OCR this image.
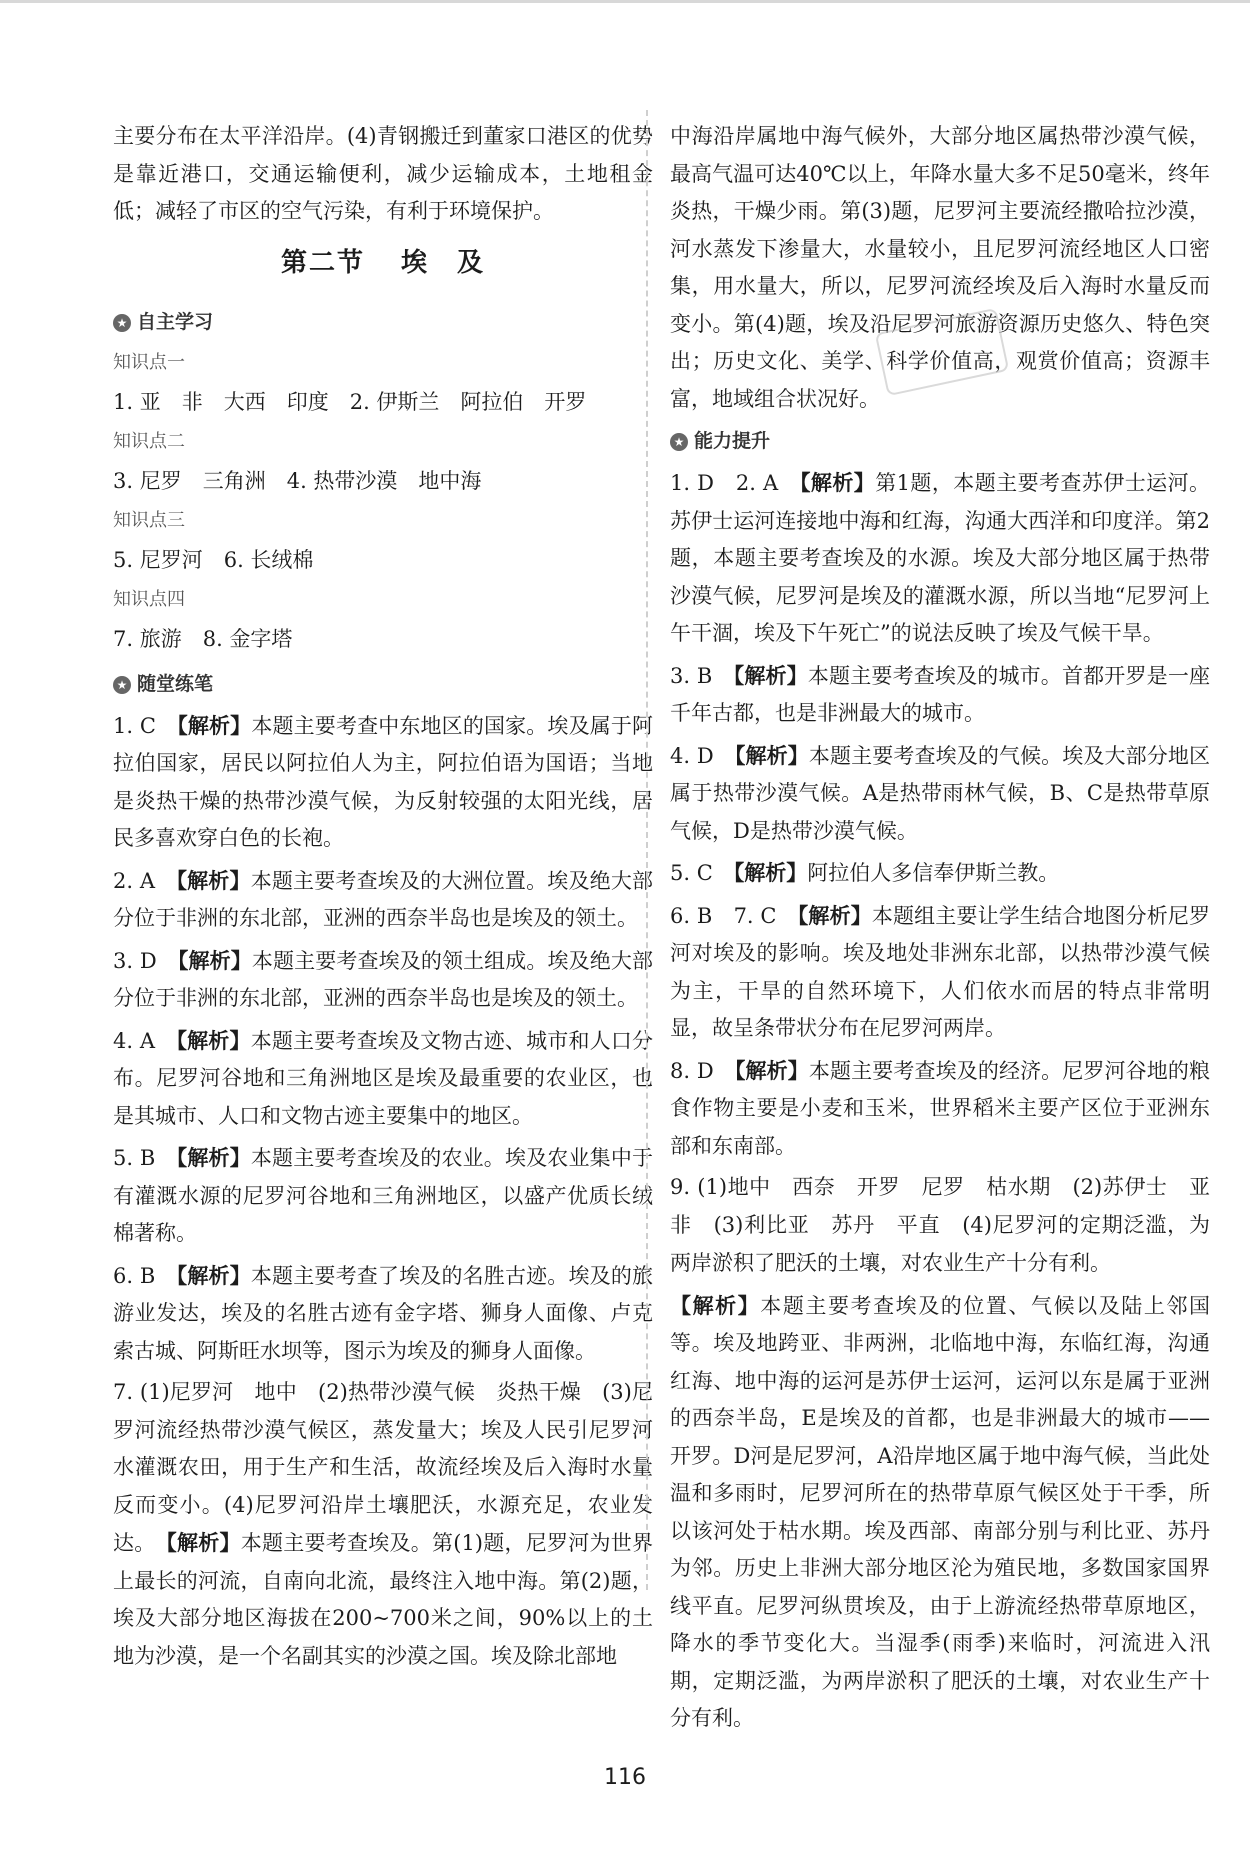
主要分布在太平洋沿岸。(4)青钢搬迁到董家口港区的优势是靠近港口，交通运输便利，减少运输成本，土地租金低；减轻了市区的空气污染，有利于环境保护。

第二节 埃　及
★ 自主学习
知识点一

1. 亚　非　大西　印度　2. 伊斯兰　阿拉伯　开罗

知识点二

3. 尼罗　三角洲　4. 热带沙漠　地中海

知识点三

5. 尼罗河　6. 长绒棉

知识点四

7. 旅游　8. 金字塔

★ 随堂练笔

1. C　【解析】本题主要考查中东地区的国家。埃及属于阿拉伯国家，居民以阿拉伯人为主，阿拉伯语为国语；当地是炎热干燥的热带沙漠气候，为反射较强的太阳光线，居民多喜欢穿白色的长袍。

2. A　【解析】本题主要考查埃及的大洲位置。埃及绝大部分位于非洲的东北部，亚洲的西奈半岛也是埃及的领土。

3. D　【解析】本题主要考查埃及的领土组成。埃及绝大部分位于非洲的东北部，亚洲的西奈半岛也是埃及的领土。

4. A　【解析】本题主要考查埃及文物古迹、城市和人口分布。尼罗河谷地和三角洲地区是埃及最重要的农业区，也是其城市、人口和文物古迹主要集中的地区。

5. B　【解析】本题主要考查埃及的农业。埃及农业集中于有灌溉水源的尼罗河谷地和三角洲地区，以盛产优质长绒棉著称。

6. B　【解析】本题主要考查了埃及的名胜古迹。埃及的旅游业发达，埃及的名胜古迹有金字塔、狮身人面像、卢克索古城、阿斯旺水坝等，图示为埃及的狮身人面像。

7. (1)尼罗河　地中　(2)热带沙漠气候　炎热干燥　(3)尼罗河流经热带沙漠气候区，蒸发量大；埃及人民引尼罗河水灌溉农田，用于生产和生活，故流经埃及后入海时水量反而变小。(4)尼罗河沿岸土壤肥沃，水源充足，农业发达。　【解析】本题主要考查埃及。第(1)题，尼罗河为世界上最长的河流，自南向北流，最终注入地中海。第(2)题，埃及大部分地区海拔在200~700米之间，90%以上的土地为沙漠，是一个名副其实的沙漠之国。埃及除北部地

中海沿岸属地中海气候外，大部分地区属热带沙漠气候，最高气温可达40℃以上，年降水量大多不足50毫米，终年炎热，干燥少雨。第(3)题，尼罗河主要流经撒哈拉沙漠，河水蒸发下渗量大，水量较小，且尼罗河流经地区人口密集，用水量大，所以，尼罗河流经埃及后入海时水量反而变小。第(4)题，埃及沿尼罗河旅游资源历史悠久、特色突出；历史文化、美学、科学价值高，观赏价值高；资源丰富，地域组合状况好。

★ 能力提升

1. D　2. A　【解析】第1题，本题主要考查苏伊士运河。苏伊士运河连接地中海和红海，沟通大西洋和印度洋。第2题，本题主要考查埃及的水源。埃及大部分地区属于热带沙漠气候，尼罗河是埃及的灌溉水源，所以当地“尼罗河上午干涸，埃及下午死亡”的说法反映了埃及气候干旱。

3. B　【解析】本题主要考查埃及的城市。首都开罗是一座千年古都，也是非洲最大的城市。

4. D　【解析】本题主要考查埃及的气候。埃及大部分地区属于热带沙漠气候。A是热带雨林气候，B、C是热带草原气候，D是热带沙漠气候。

5. C　【解析】阿拉伯人多信奉伊斯兰教。

6. B　7. C　【解析】本题组主要让学生结合地图分析尼罗河对埃及的影响。埃及地处非洲东北部，以热带沙漠气候为主，干旱的自然环境下，人们依水而居的特点非常明显，故呈条带状分布在尼罗河两岸。

8. D　【解析】本题主要考查埃及的经济。尼罗河谷地的粮食作物主要是小麦和玉米，世界稻米主要产区位于亚洲东部和东南部。

9. (1)地中　西奈　开罗　尼罗　枯水期　(2)苏伊士　亚　非　(3)利比亚　苏丹　平直　(4)尼罗河的定期泛滥，为两岸淤积了肥沃的土壤，对农业生产十分有利。

【解析】本题主要考查埃及的位置、气候以及陆上邻国等。埃及地跨亚、非两洲，北临地中海，东临红海，沟通红海、地中海的运河是苏伊士运河，运河以东是属于亚洲的西奈半岛，E是埃及的首都，也是非洲最大的城市——开罗。D河是尼罗河，A沿岸地区属于地中海气候，当此处温和多雨时，尼罗河所在的热带草原气候区处于干季，所以该河处于枯水期。埃及西部、南部分别与利比亚、苏丹为邻。历史上非洲大部分地区沦为殖民地，多数国家国界线平直。尼罗河纵贯埃及，由于上游流经热带草原地区，降水的季节变化大。当湿季(雨季)来临时，河流进入汛期，定期泛滥，为两岸淤积了肥沃的土壤，对农业生产十分有利。

116
